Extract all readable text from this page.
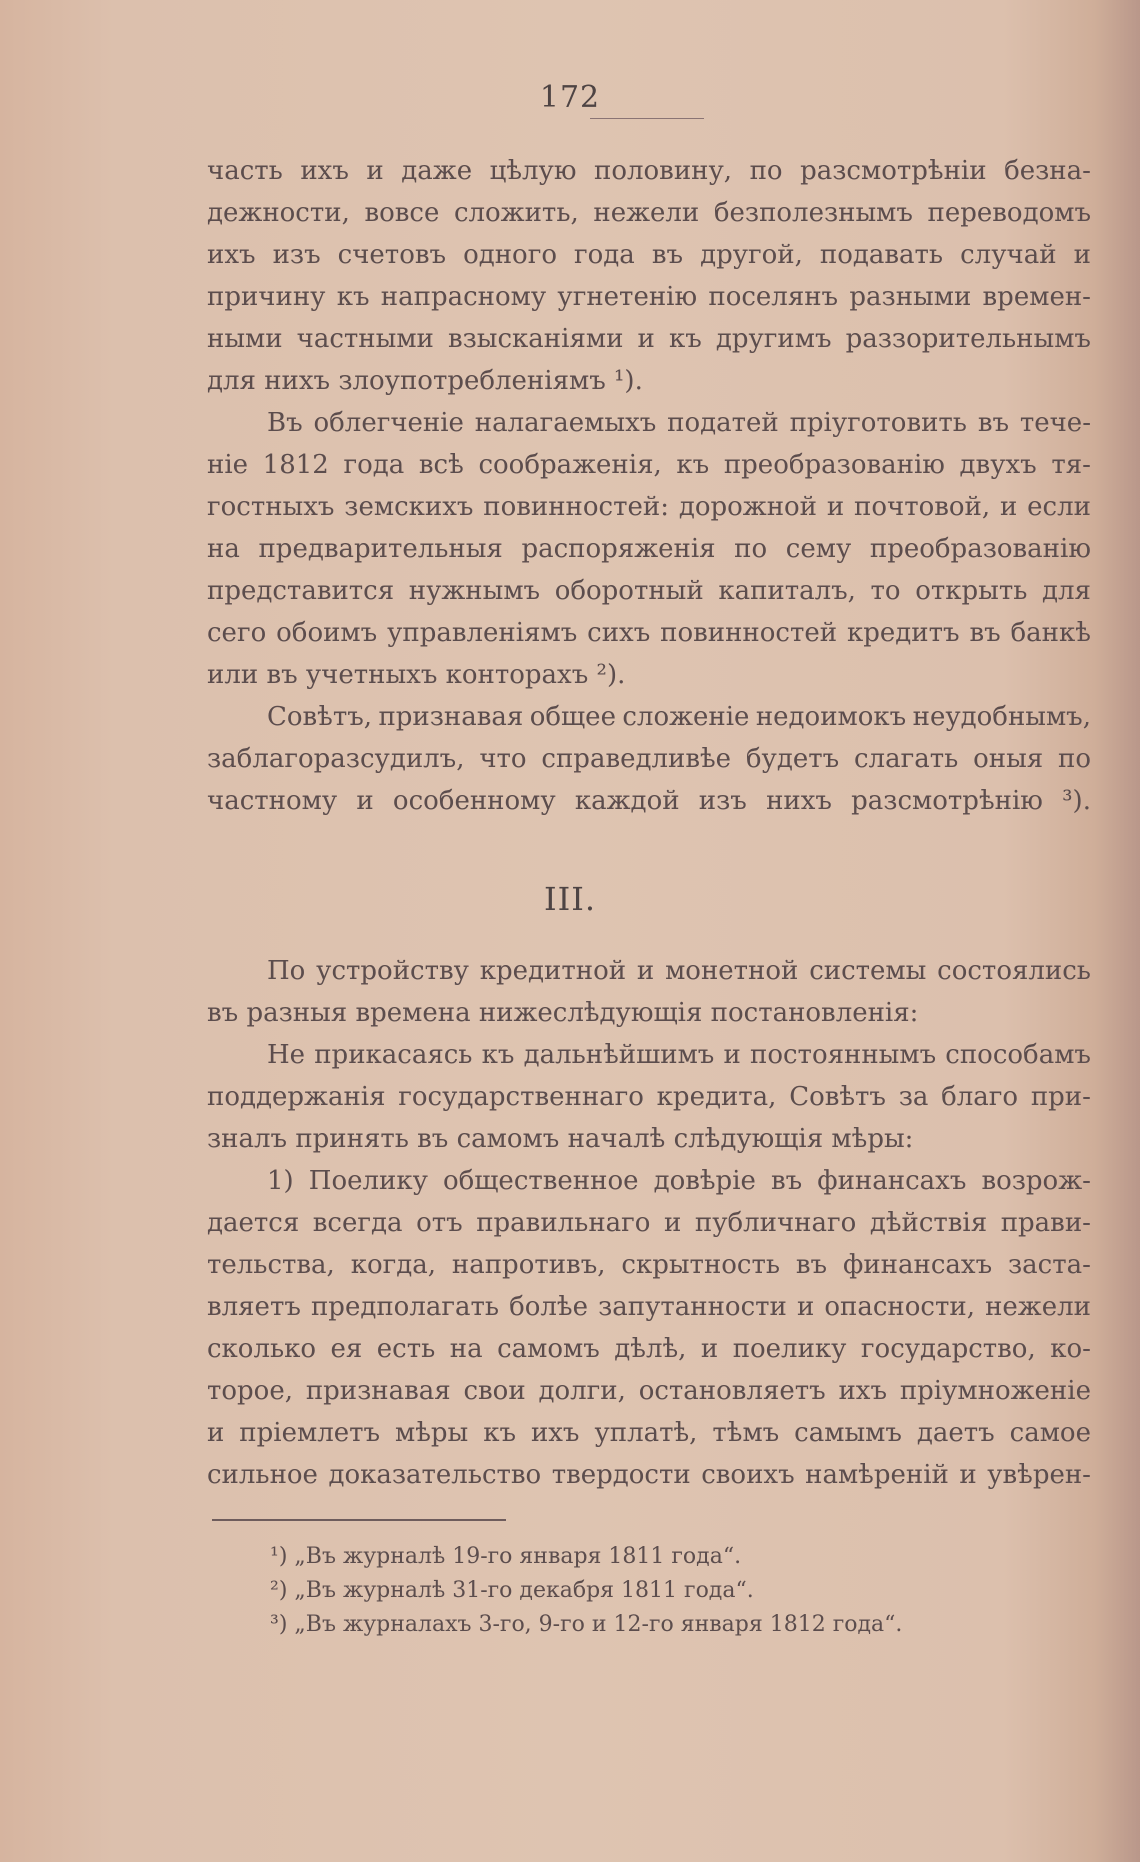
172
часть ихъ и даже цѣлую половину, по разсмотрѣніи безна-
дежности, вовсе сложить, нежели безполезнымъ переводомъ
ихъ изъ счетовъ одного года въ другой, подавать случай и
причину къ напрасному угнетенію поселянъ разными времен-
ными частными взысканіями и къ другимъ раззорительнымъ
для нихъ злоупотребленіямъ ¹).
Въ облегченіе налагаемыхъ податей пріуготовить въ тече-
ніе 1812 года всѣ соображенія, къ преобразованію двухъ тя-
гостныхъ земскихъ повинностей: дорожной и почтовой, и если
на предварительныя распоряженія по сему преобразованію
представится нужнымъ оборотный капиталъ, то открыть для
сего обоимъ управленіямъ сихъ повинностей кредитъ въ банкѣ
или въ учетныхъ конторахъ ²).
Совѣтъ, признавая общее сложеніе недоимокъ неудобнымъ,
заблагоразсудилъ, что справедливѣе будетъ слагать оныя по
частному и особенному каждой изъ нихъ разсмотрѣнію ³).
III.
По устройству кредитной и монетной системы состоялись
въ разныя времена нижеслѣдующія постановленія:
Не прикасаясь къ дальнѣйшимъ и постояннымъ способамъ
поддержанія государственнаго кредита, Совѣтъ за благо при-
зналъ принять въ самомъ началѣ слѣдующія мѣры:
1) Поелику общественное довѣріе въ финансахъ возрож-
дается всегда отъ правильнаго и публичнаго дѣйствія прави-
тельства, когда, напротивъ, скрытность въ финансахъ заста-
вляетъ предполагать болѣе запутанности и опасности, нежели
сколько ея есть на самомъ дѣлѣ, и поелику государство, ко-
торое, признавая свои долги, остановляетъ ихъ пріумноженіе
и пріемлетъ мѣры къ ихъ уплатѣ, тѣмъ самымъ даетъ самое
сильное доказательство твердости своихъ намѣреній и увѣрен-
¹) „Въ журналѣ 19-го января 1811 года“.
²) „Въ журналѣ 31-го декабря 1811 года“.
³) „Въ журналахъ 3-го, 9-го и 12-го января 1812 года“.
